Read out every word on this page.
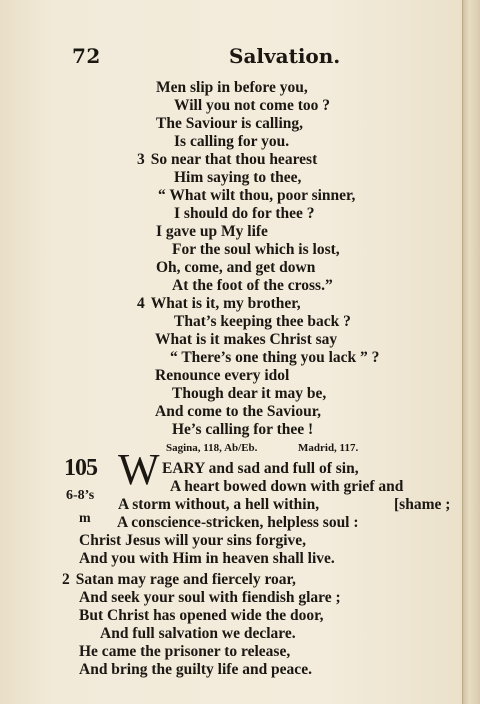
72	Salvation.
Men slip in before you,
Will you not come too ?
The Saviour is calling,
Is calling for you.
3 So near that thou hearest
Him saying to thee,
“ What wilt thou, poor sinner,
I should do for thee ?
I gave up My life
For the soul which is lost,
Oh, come, and get down
At the foot of the cross.”
4 What is it, my brother,
That’s keeping thee back ?
What is it makes Christ say
“ There’s one thing you lack ” ?
Renounce every idol
Though dear it may be,
And come to the Saviour,
He’s calling for thee !
Sagina, 118, Ab/Eb.	Madrid, 117.
105 W
6-8’s
m
EARY and sad and full of sin,
A heart bowed down with grief and
A storm without, a hell within,	[shame ;
A conscience-stricken, helpless soul :
Christ Jesus will your sins forgive,
And you with Him in heaven shall live.
2 Satan may rage and fiercely roar,
And seek your soul with fiendish glare ;
But Christ has opened wide the door,
And full salvation we declare.
He came the prisoner to release,
And bring the guilty life and peace.
